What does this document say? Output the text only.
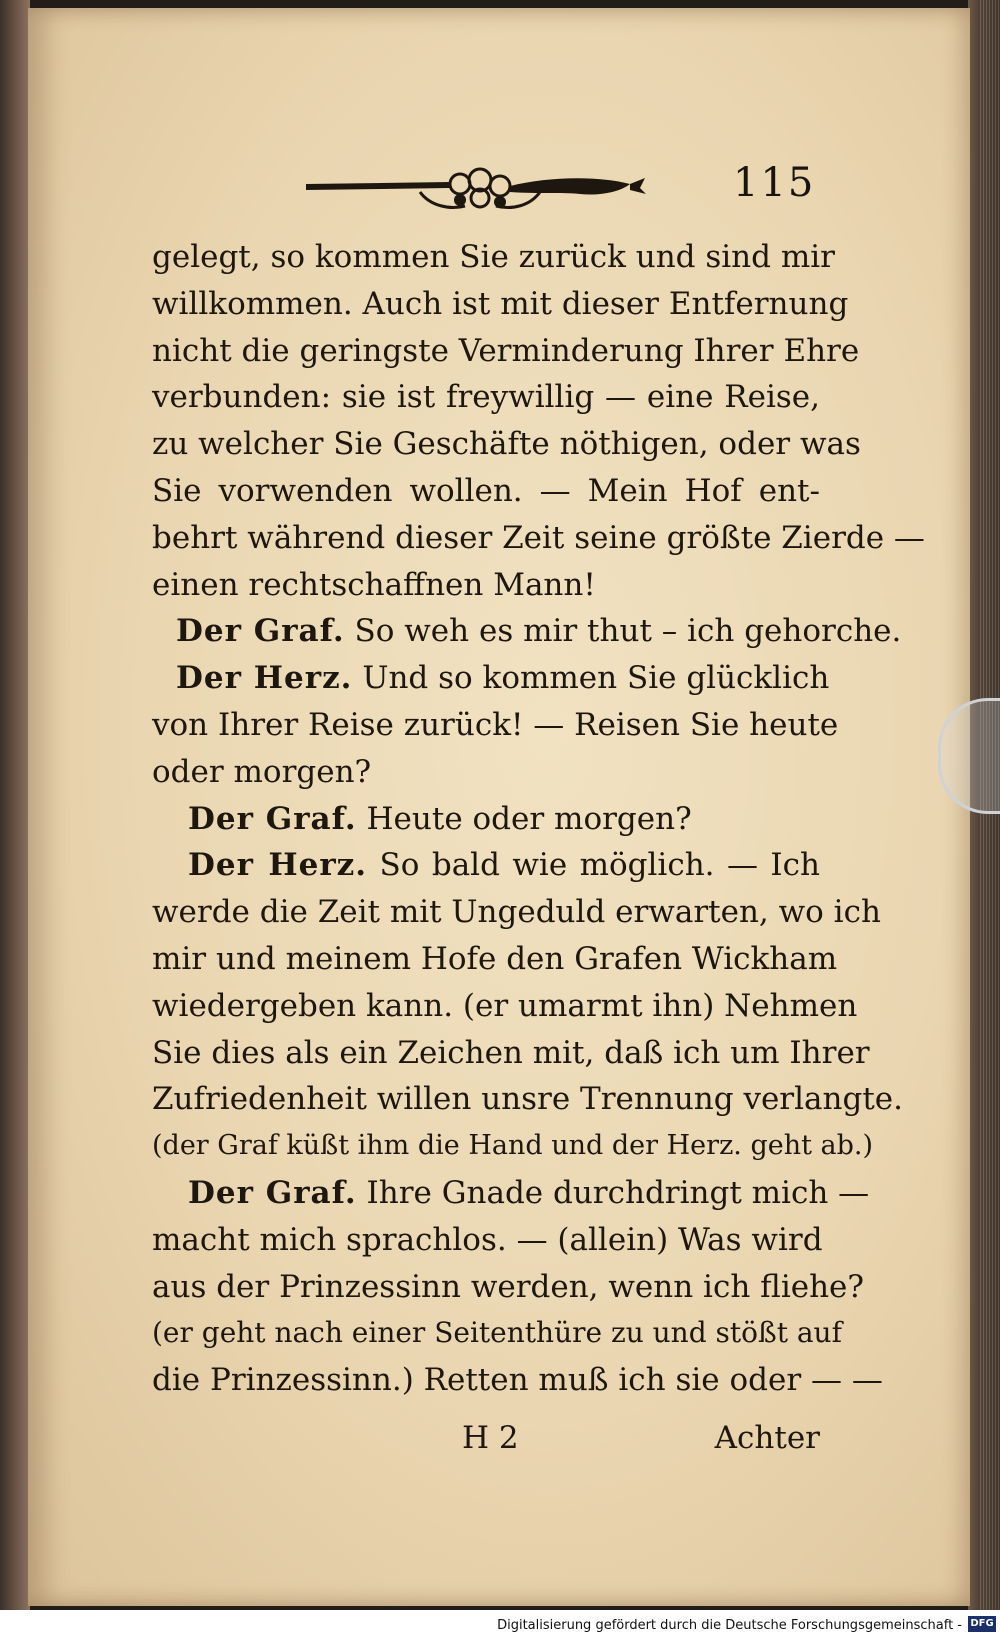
115
gelegt, so kommen Sie zurück und sind mir
willkommen. Auch ist mit dieser Entfernung
nicht die geringste Verminderung Ihrer Ehre
verbunden: sie ist freywillig — eine Reise,
zu welcher Sie Geschäfte nöthigen, oder was
Sie vorwenden wollen. — Mein Hof ent-
behrt während dieser Zeit seine größte Zierde —
einen rechtschaffnen Mann!
Der Graf. So weh es mir thut – ich gehorche.
Der Herz. Und so kommen Sie glücklich
von Ihrer Reise zurück! — Reisen Sie heute
oder morgen?
Der Graf. Heute oder morgen?
Der Herz. So bald wie möglich. — Ich
werde die Zeit mit Ungeduld erwarten, wo ich
mir und meinem Hofe den Grafen Wickham
wiedergeben kann. (er umarmt ihn) Nehmen
Sie dies als ein Zeichen mit, daß ich um Ihrer
Zufriedenheit willen unsre Trennung verlangte.
(der Graf küßt ihm die Hand und der Herz. geht ab.)
Der Graf. Ihre Gnade durchdringt mich —
macht mich sprachlos. — (allein) Was wird
aus der Prinzessinn werden, wenn ich fliehe?
(er geht nach einer Seitenthüre zu und stößt auf
die Prinzessinn.) Retten muß ich sie oder — —
H 2	Achter
Digitalisierung gefördert durch die Deutsche Forschungsgemeinschaft - DFG
